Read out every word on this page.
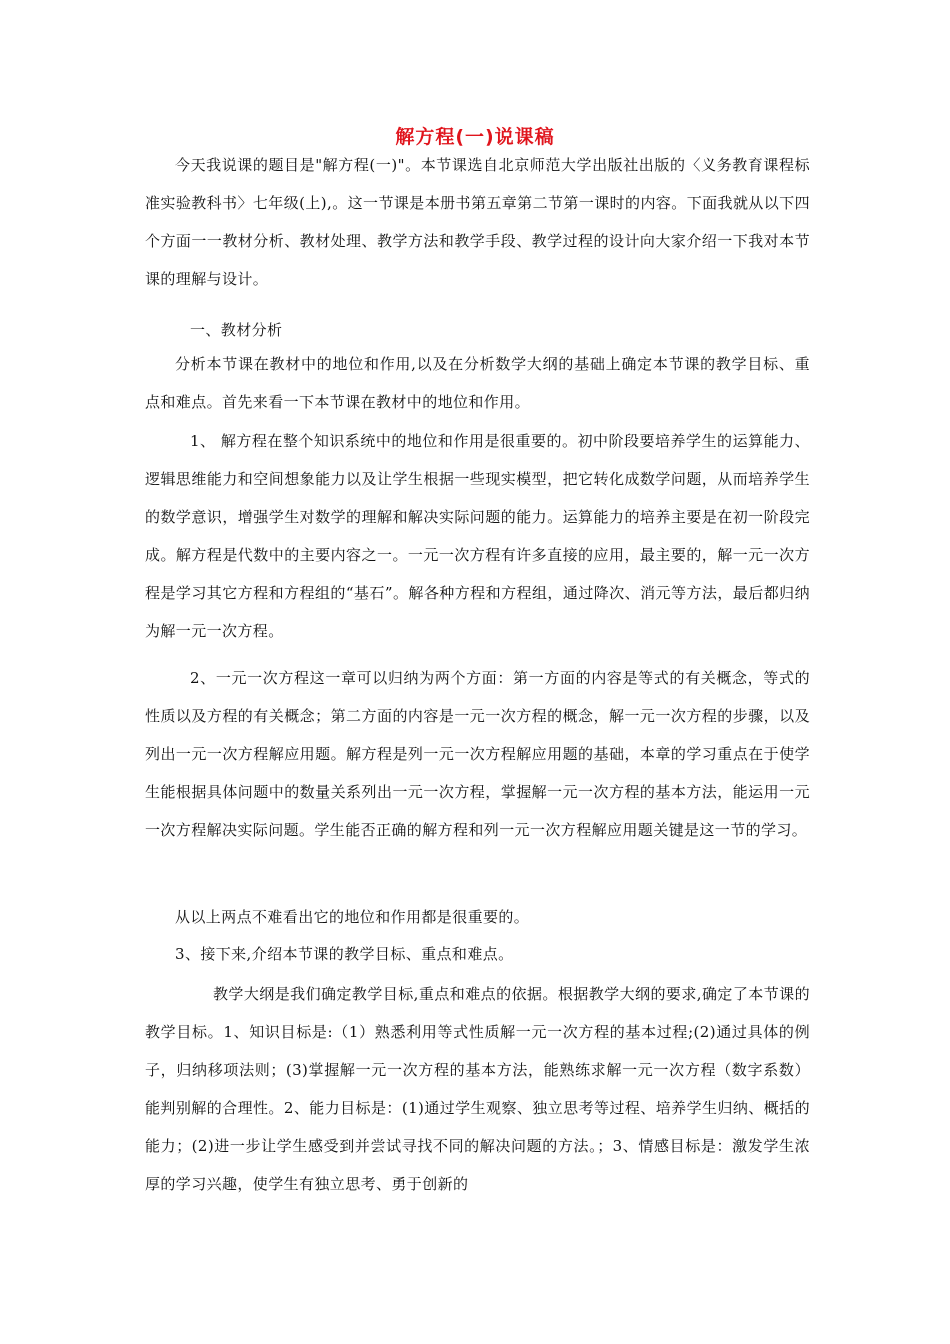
解方程(一)说课稿
今天我说课的题目是"解方程(一)"。本节课选自北京师范大学出版社出版的〈义务教育课程标准实验教科书〉七年级(上),。这一节课是本册书第五章第二节第一课时的内容。下面我就从以下四个方面一一教材分析、教材处理、教学方法和教学手段、教学过程的设计向大家介绍一下我对本节课的理解与设计。
一、教材分析
分析本节课在教材中的地位和作用,以及在分析数学大纲的基础上确定本节课的教学目标、重点和难点。首先来看一下本节课在教材中的地位和作用。
1、 解方程在整个知识系统中的地位和作用是很重要的。初中阶段要培养学生的运算能力、逻辑思维能力和空间想象能力以及让学生根据一些现实模型，把它转化成数学问题，从而培养学生的数学意识，增强学生对数学的理解和解决实际问题的能力。运算能力的培养主要是在初一阶段完成。解方程是代数中的主要内容之一。一元一次方程有许多直接的应用，最主要的，解一元一次方程是学习其它方程和方程组的“基石”。解各种方程和方程组，通过降次、消元等方法，最后都归纳为解一元一次方程。
2、一元一次方程这一章可以归纳为两个方面：第一方面的内容是等式的有关概念，等式的性质以及方程的有关概念；第二方面的内容是一元一次方程的概念，解一元一次方程的步骤，以及列出一元一次方程解应用题。解方程是列一元一次方程解应用题的基础，本章的学习重点在于使学生能根据具体问题中的数量关系列出一元一次方程，掌握解一元一次方程的基本方法，能运用一元一次方程解决实际问题。学生能否正确的解方程和列一元一次方程解应用题关键是这一节的学习。
从以上两点不难看出它的地位和作用都是很重要的。
3、接下来,介绍本节课的教学目标、重点和难点。
教学大纲是我们确定教学目标,重点和难点的依据。根据教学大纲的要求,确定了本节课的教学目标。1、知识目标是:（1）熟悉利用等式性质解一元一次方程的基本过程;(2)通过具体的例子，归纳移项法则；(3)掌握解一元一次方程的基本方法，能熟练求解一元一次方程（数字系数）能判别解的合理性。2、能力目标是：(1)通过学生观察、独立思考等过程、培养学生归纳、概括的能力；(2)进一步让学生感受到并尝试寻找不同的解决问题的方法。；3、情感目标是：激发学生浓厚的学习兴趣，使学生有独立思考、勇于创新的
